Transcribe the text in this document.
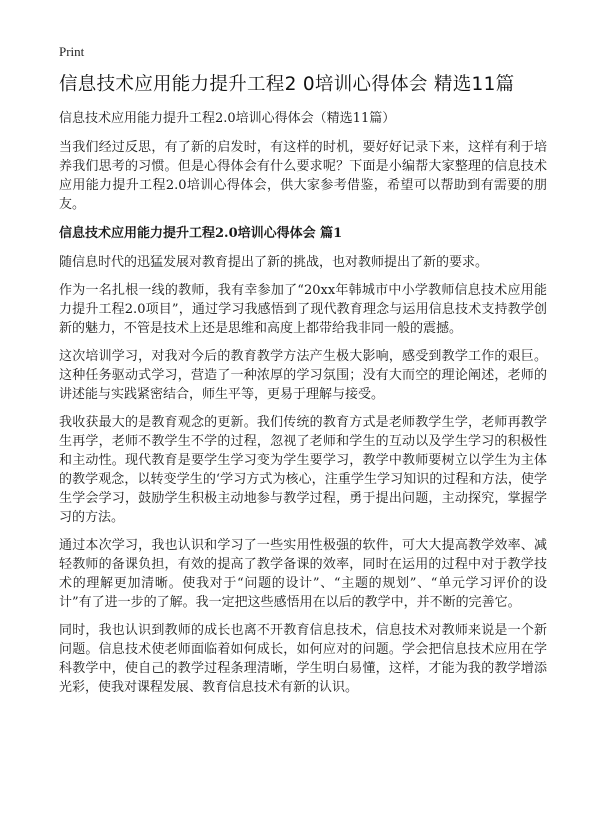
Print
信息技术应用能力提升工程2 0培训心得体会 精选11篇

信息技术应用能力提升工程2.0培训心得体会（精选11篇）

当我们经过反思，有了新的启发时，有这样的时机，要好好记录下来，这样有利于培养我们思考的习惯。但是心得体会有什么要求呢？下面是小编帮大家整理的信息技术应用能力提升工程2.0培训心得体会，供大家参考借鉴，希望可以帮助到有需要的朋友。

信息技术应用能力提升工程2.0培训心得体会 篇1

随信息时代的迅猛发展对教育提出了新的挑战，也对教师提出了新的要求。

作为一名扎根一线的教师，我有幸参加了“20xx年韩城市中小学教师信息技术应用能力提升工程2.0项目”，通过学习我感悟到了现代教育理念与运用信息技术支持教学创新的魅力，不管是技术上还是思维和高度上都带给我非同一般的震撼。

这次培训学习，对我对今后的教育教学方法产生极大影响，感受到教学工作的艰巨。这种任务驱动式学习，营造了一种浓厚的学习氛围；没有大而空的理论阐述，老师的讲述能与实践紧密结合，师生平等，更易于理解与接受。

我收获最大的是教育观念的更新。我们传统的教育方式是老师教学生学，老师再教学生再学，老师不教学生不学的过程，忽视了老师和学生的互动以及学生学习的积极性和主动性。现代教育是要学生学习变为学生要学习，教学中教师要树立以学生为主体的教学观念，以转变学生的‘学习方式为核心，注重学生学习知识的过程和方法，使学生学会学习，鼓励学生积极主动地参与教学过程，勇于提出问题，主动探究，掌握学习的方法。

通过本次学习，我也认识和学习了一些实用性极强的软件，可大大提高教学效率、减轻教师的备课负担，有效的提高了教学备课的效率，同时在运用的过程中对于教学技术的理解更加清晰。使我对于“问题的设计”、“主题的规划”、“单元学习评价的设计”有了进一步的了解。我一定把这些感悟用在以后的教学中，并不断的完善它。

同时，我也认识到教师的成长也离不开教育信息技术，信息技术对教师来说是一个新问题。信息技术使老师面临着如何成长，如何应对的问题。学会把信息技术应用在学科教学中，使自己的教学过程条理清晰，学生明白易懂，这样，才能为我的教学增添光彩，使我对课程发展、教育信息技术有新的认识。
